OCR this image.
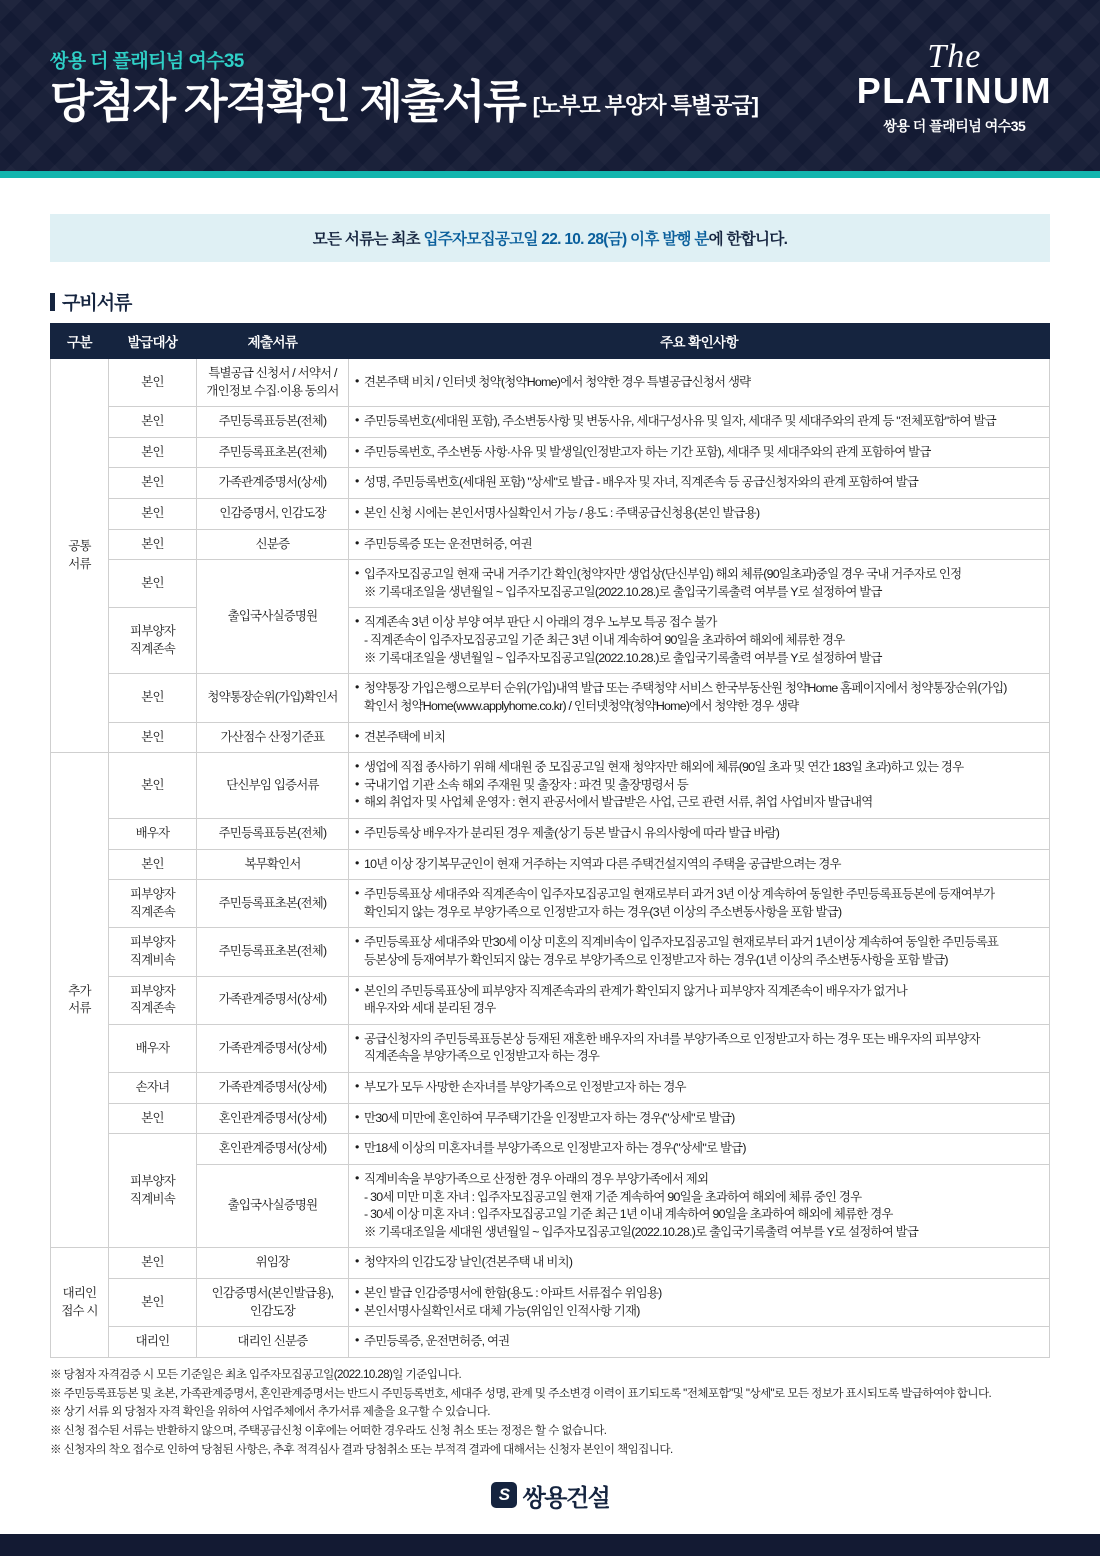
쌍용 더 플래티넘 여수35
당첨자 자격확인 제출서류 [노부모 부양자 특별공급]
The
PLATINUM
쌍용 더 플래티넘 여수35
모든 서류는 최초 입주자모집공고일 22. 10. 28(금) 이후 발행 분에 한합니다.
구비서류
구분	발급대상	제출서류	주요 확인사항
공통
서류	본인	특별공급 신청서 / 서약서 /
개인정보 수집·이용 동의서	
• 견본주택 비치 / 인터넷 청약(청약Home)에서 청약한 경우 특별공급신청서 생략

본인	주민등록표등본(전체)	
•주민등록번호(세대원 포함), 주소변동사항 및 변동사유, 세대구성사유 및 일자, 세대주 및 세대주와의 관계 등 "전체포함"하여 발급

본인	주민등록표초본(전체)	
•주민등록번호, 주소변동 사항·사유 및 발생일(인정받고자 하는 기간 포함), 세대주 및 세대주와의 관계 포함하여 발급

본인	가족관계증명서(상세)	
•성명, 주민등록번호(세대원 포함) "상세"로 발급 - 배우자 및 자녀, 직계존속 등 공급신청자와의 관계 포함하여 발급

본인	인감증명서, 인감도장	
•본인 신청 시에는 본인서명사실확인서 가능 / 용도 : 주택공급신청용(본인 발급용)

본인	신분증	
•주민등록증 또는 운전면허증, 여권

본인	출입국사실증명원	
• 입주자모집공고일 현재 국내 거주기간 확인(청약자만 생업상(단신부임) 해외 체류(90일초과)중일 경우 국내 거주자로 인정
※ 기록대조일을 생년월일 ~ 입주자모집공고일(2022.10.28.)로 출입국기록출력 여부를 Y로 설정하여 발급

피부양자
직계존속	
• 직계존속 3년 이상 부양 여부 판단 시 아래의 경우 노부모 특공 접수 불가
- 직계존속이 입주자모집공고일 기준 최근 3년 이내 계속하여 90일을 초과하여 해외에 체류한 경우
※ 기록대조일을 생년월일 ~ 입주자모집공고일(2022.10.28.)로 출입국기록출력 여부를 Y로 설정하여 발급

본인	청약통장순위(가입)확인서	
• 청약통장 가입은행으로부터 순위(가입)내역 발급 또는 주택청약 서비스 한국부동산원 청약Home 홈페이지에서 청약통장순위(가입)
확인서 청약Home(www.applyhome.co.kr) / 인터넷청약(청약Home)에서 청약한 경우 생략

본인	가산점수 산정기준표	
•견본주택에 비치

추가
서류	본인	단신부임 입증서류	
• 생업에 직접 종사하기 위해 세대원 중 모집공고일 현재 청약자만 해외에 체류(90일 초과 및 연간 183일 초과)하고 있는 경우
• 국내기업 기관 소속 해외 주재원 및 출장자 : 파견 및 출장명령서 등
• 해외 취업자 및 사업체 운영자 : 현지 관공서에서 발급받은 사업, 근로 관련 서류, 취업 사업비자 발급내역

배우자	주민등록표등본(전체)	
•주민등록상 배우자가 분리된 경우 제출(상기 등본 발급시 유의사항에 따라 발급 바람)

본인	복무확인서	
•10년 이상 장기복무군인이 현재 거주하는 지역과 다른 주택건설지역의 주택을 공급받으려는 경우

피부양자
직계존속	주민등록표초본(전체)	
• 주민등록표상 세대주와 직계존속이 입주자모집공고일 현재로부터 과거 3년 이상 계속하여 동일한 주민등록표등본에 등재여부가
확인되지 않는 경우로 부양가족으로 인정받고자 하는 경우(3년 이상의 주소변동사항을 포함 발급)

피부양자
직계비속	주민등록표초본(전체)	
• 주민등록표상 세대주와 만30세 이상 미혼의 직계비속이 입주자모집공고일 현재로부터 과거 1년이상 계속하여 동일한 주민등록표
등본상에 등재여부가 확인되지 않는 경우로 부양가족으로 인정받고자 하는 경우(1년 이상의 주소변동사항을 포함 발급)

피부양자
직계존속	가족관계증명서(상세)	
• 본인의 주민등록표상에 피부양자 직계존속과의 관계가 확인되지 않거나 피부양자 직계존속이 배우자가 없거나
배우자와 세대 분리된 경우

배우자	가족관계증명서(상세)	
• 공급신청자의 주민등록표등본상 등재된 재혼한 배우자의 자녀를 부양가족으로 인정받고자 하는 경우 또는 배우자의 피부양자
직계존속을 부양가족으로 인정받고자 하는 경우

손자녀	가족관계증명서(상세)	
•부모가 모두 사망한 손자녀를 부양가족으로 인정받고자 하는 경우

본인	혼인관계증명서(상세)	
•만30세 미만에 혼인하여 무주택기간을 인정받고자 하는 경우("상세"로 발급)

피부양자
직계비속	혼인관계증명서(상세)	
•만18세 이상의 미혼자녀를 부양가족으로 인정받고자 하는 경우("상세"로 발급)

출입국사실증명원	
• 직계비속을 부양가족으로 산정한 경우 아래의 경우 부양가족에서 제외
- 30세 미만 미혼 자녀 : 입주자모집공고일 현재 기준 계속하여 90일을 초과하여 해외에 체류 중인 경우
- 30세 이상 미혼 자녀 : 입주자모집공고일 기준 최근 1년 이내 계속하여 90일을 초과하여 해외에 체류한 경우
※ 기록대조일을 세대원 생년월일 ~ 입주자모집공고일(2022.10.28.)로 출입국기록출력 여부를 Y로 설정하여 발급

대리인
접수 시	본인	위임장	
•청약자의 인감도장 날인(견본주택 내 비치)

본인	인감증명서(본인발급용),
인감도장	
• 본인 발급 인감증명서에 한함(용도 : 아파트 서류접수 위임용)
• 본인서명사실확인서로 대체 가능(위임인 인적사항 기재)

대리인	대리인 신분증	
•주민등록증, 운전면허증, 여권
※ 당첨자 자격검증 시 모든 기준일은 최초 입주자모집공고일(2022.10.28)일 기준입니다.
※ 주민등록표등본 및 초본, 가족관계증명서, 혼인관계증명서는 반드시 주민등록번호, 세대주 성명, 관계 및 주소변경 이력이 표기되도록 "전체포함"및 "상세"로 모든 정보가 표시되도록 발급하여야 합니다.
※ 상기 서류 외 당첨자 자격 확인을 위하여 사업주체에서 추가서류 제출을 요구할 수 있습니다.
※ 신청 접수된 서류는 반환하지 않으며, 주택공급신청 이후에는 어떠한 경우라도 신청 취소 또는 정정은 할 수 없습니다.
※ 신청자의 착오 접수로 인하여 당첨된 사항은, 추후 적격심사 결과 당첨취소 또는 부적격 결과에 대해서는 신청자 본인이 책임집니다.
S 쌍용건설
